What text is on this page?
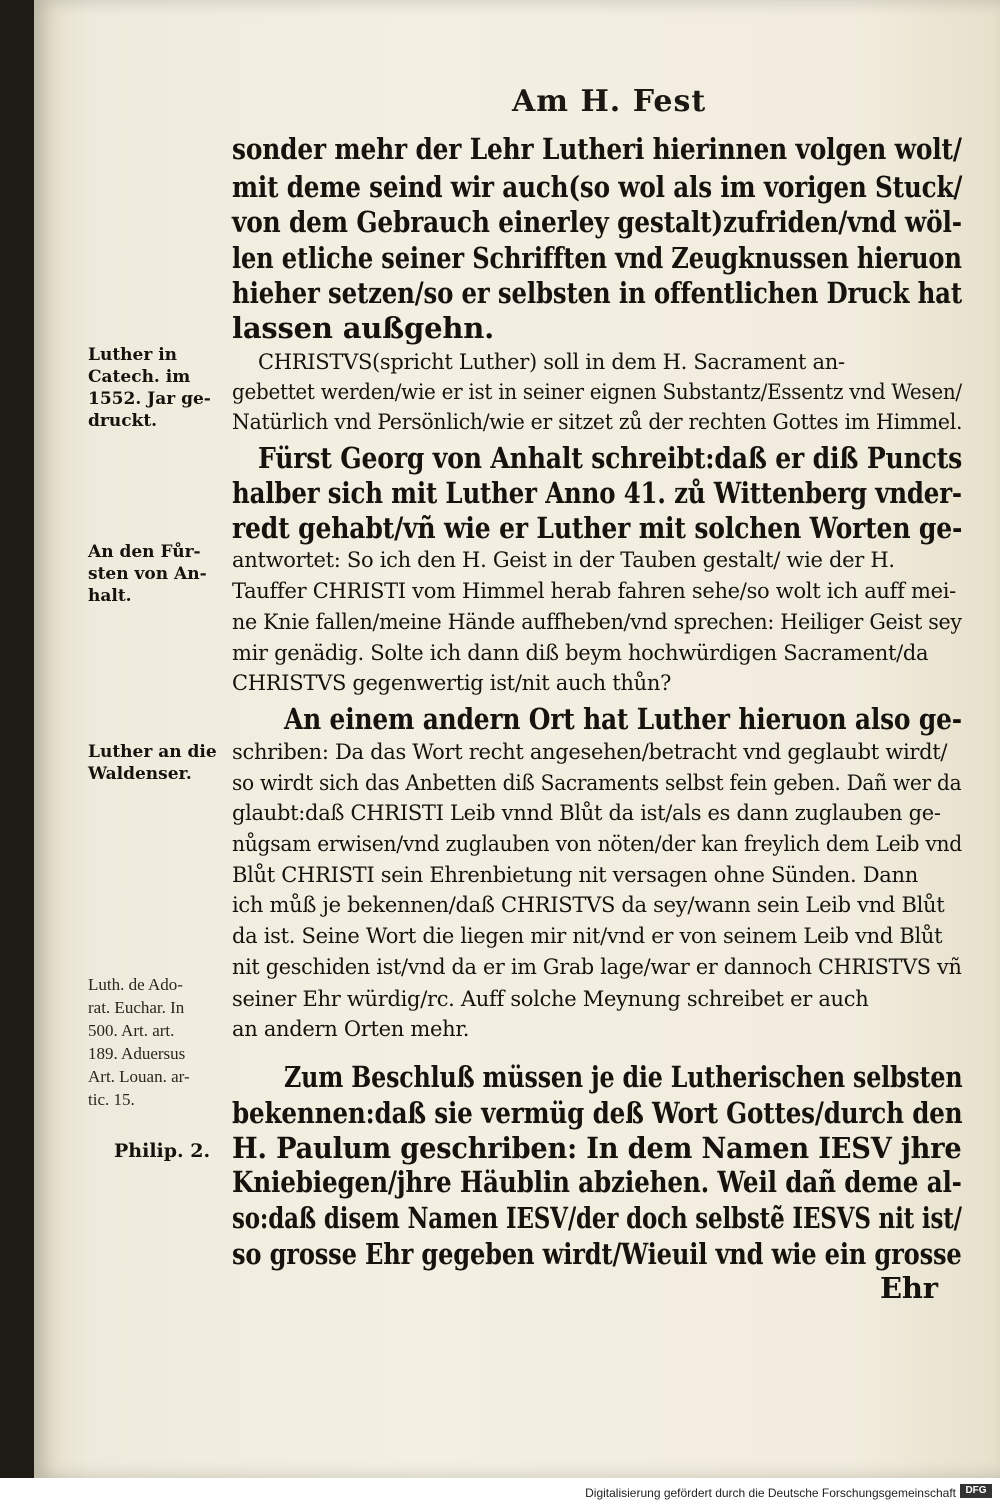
Am H. Fest
sonder mehr der Lehr Lutheri hierinnen volgen wolt/
mit deme seind wir auch(so wol als im vorigen Stuck/
von dem Gebrauch einerley gestalt)zufriden/vnd wöl-
len etliche seiner Schrifften vnd Zeugknussen hieruon
hieher setzen/so er selbsten in offentlichen Druck hat
lassen außgehn.
CHRISTVS(spricht Luther) soll in dem H. Sacrament an-
gebettet werden/wie er ist in seiner eignen Substantz/Essentz vnd Wesen/
Natürlich vnd Persönlich/wie er sitzet zů der rechten Gottes im Himmel.
Fürst Georg von Anhalt schreibt:daß er diß Puncts
halber sich mit Luther Anno 41. zů Wittenberg vnder-
redt gehabt/vñ wie er Luther mit solchen Worten ge-
antwortet: So ich den H. Geist in der Tauben gestalt/ wie der H.
Tauffer CHRISTI vom Himmel herab fahren sehe/so wolt ich auff mei-
ne Knie fallen/meine Hände auffheben/vnd sprechen: Heiliger Geist sey
mir genädig. Solte ich dann diß beym hochwürdigen Sacrament/da
CHRISTVS gegenwertig ist/nit auch thůn?
An einem andern Ort hat Luther hieruon also ge-
schriben: Da das Wort recht angesehen/betracht vnd geglaubt wirdt/
so wirdt sich das Anbetten diß Sacraments selbst fein geben. Dañ wer da
glaubt:daß CHRISTI Leib vnnd Blůt da ist/als es dann zuglauben ge-
nůgsam erwisen/vnd zuglauben von nöten/der kan freylich dem Leib vnd
Blůt CHRISTI sein Ehrenbietung nit versagen ohne Sünden. Dann
ich můß je bekennen/daß CHRISTVS da sey/wann sein Leib vnd Blůt
da ist. Seine Wort die liegen mir nit/vnd er von seinem Leib vnd Blůt
nit geschiden ist/vnd da er im Grab lage/war er dannoch CHRISTVS vñ
seiner Ehr würdig/rc. Auff solche Meynung schreibet er auch
an andern Orten mehr.
Zum Beschluß müssen je die Lutherischen selbsten
bekennen:daß sie vermüg deß Wort Gottes/durch den
H. Paulum geschriben: In dem Namen IESV jhre
Kniebiegen/jhre Häublin abziehen. Weil dañ deme al-
so:daß disem Namen IESV/der doch selbstẽ IESVS nit ist/
so grosse Ehr gegeben wirdt/Wieuil vnd wie ein grosse
Ehr
Luther in
Catech. im
1552. Jar ge-
druckt.
An den Fůr-
sten von An-
halt.
Luther an die
Waldenser.
Luth. de Ado-
rat. Euchar. In
500. Art. art.
189. Aduersus
Art. Louan. ar-
tic. 15.
Philip. 2.
Digitalisierung gefördert durch die Deutsche Forschungsgemeinschaft DFG
